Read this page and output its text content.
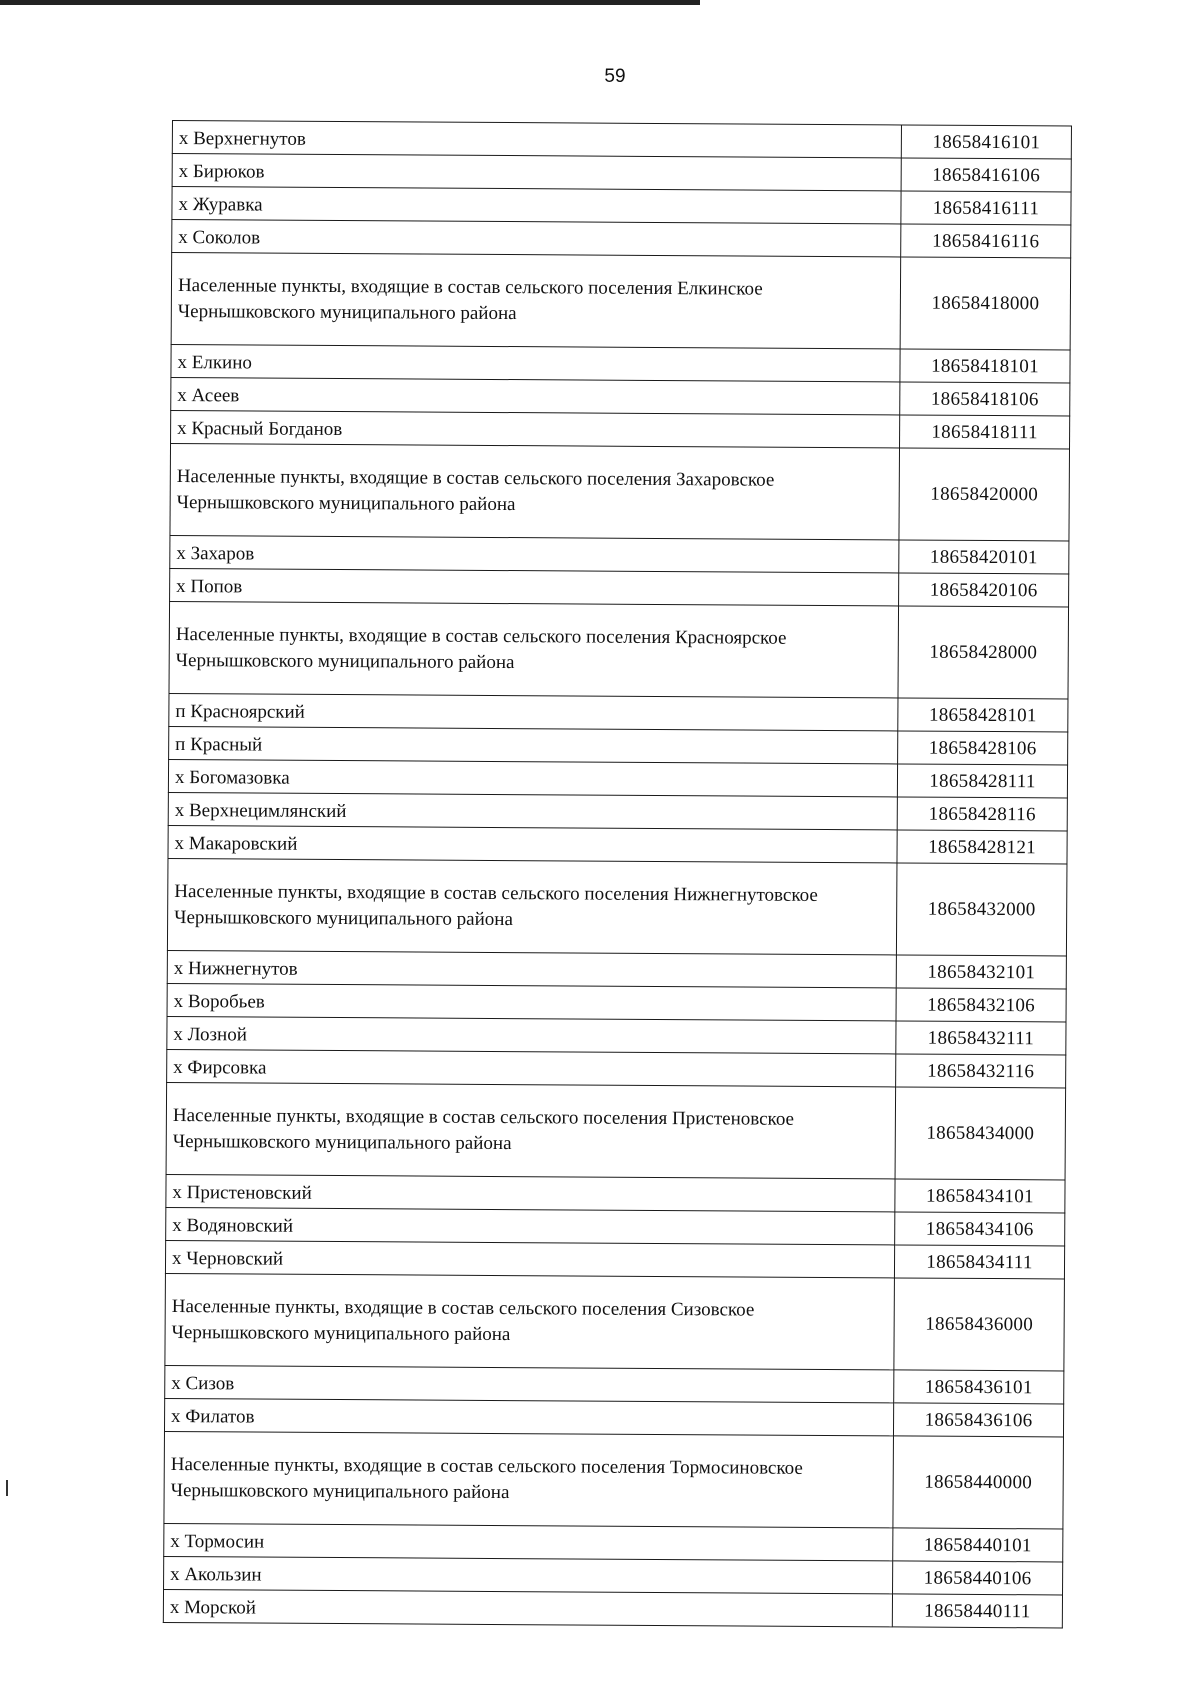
59
х Верхнегнутов	18658416101
х Бирюков	18658416106
х Журавка	18658416111
х Соколов	18658416116
Населенные пункты, входящие в состав сельского поселения Елкинское Чернышковского муниципального района	18658418000
х Елкино	18658418101
х Асеев	18658418106
х Красный Богданов	18658418111
Населенные пункты, входящие в состав сельского поселения Захаровское Чернышковского муниципального района	18658420000
х Захаров	18658420101
х Попов	18658420106
Населенные пункты, входящие в состав сельского поселения Красноярское Чернышковского муниципального района	18658428000
п Красноярский	18658428101
п Красный	18658428106
х Богомазовка	18658428111
х Верхнецимлянский	18658428116
х Макаровский	18658428121
Населенные пункты, входящие в состав сельского поселения Нижнегнутовское Чернышковского муниципального района	18658432000
х Нижнегнутов	18658432101
х Воробьев	18658432106
х Лозной	18658432111
х Фирсовка	18658432116
Населенные пункты, входящие в состав сельского поселения Пристеновское Чернышковского муниципального района	18658434000
х Пристеновский	18658434101
х Водяновский	18658434106
х Черновский	18658434111
Населенные пункты, входящие в состав сельского поселения Сизовское Чернышковского муниципального района	18658436000
х Сизов	18658436101
х Филатов	18658436106
Населенные пункты, входящие в состав сельского поселения Тормосиновское Чернышковского муниципального района	18658440000
х Тормосин	18658440101
х Акользин	18658440106
х Морской	18658440111
